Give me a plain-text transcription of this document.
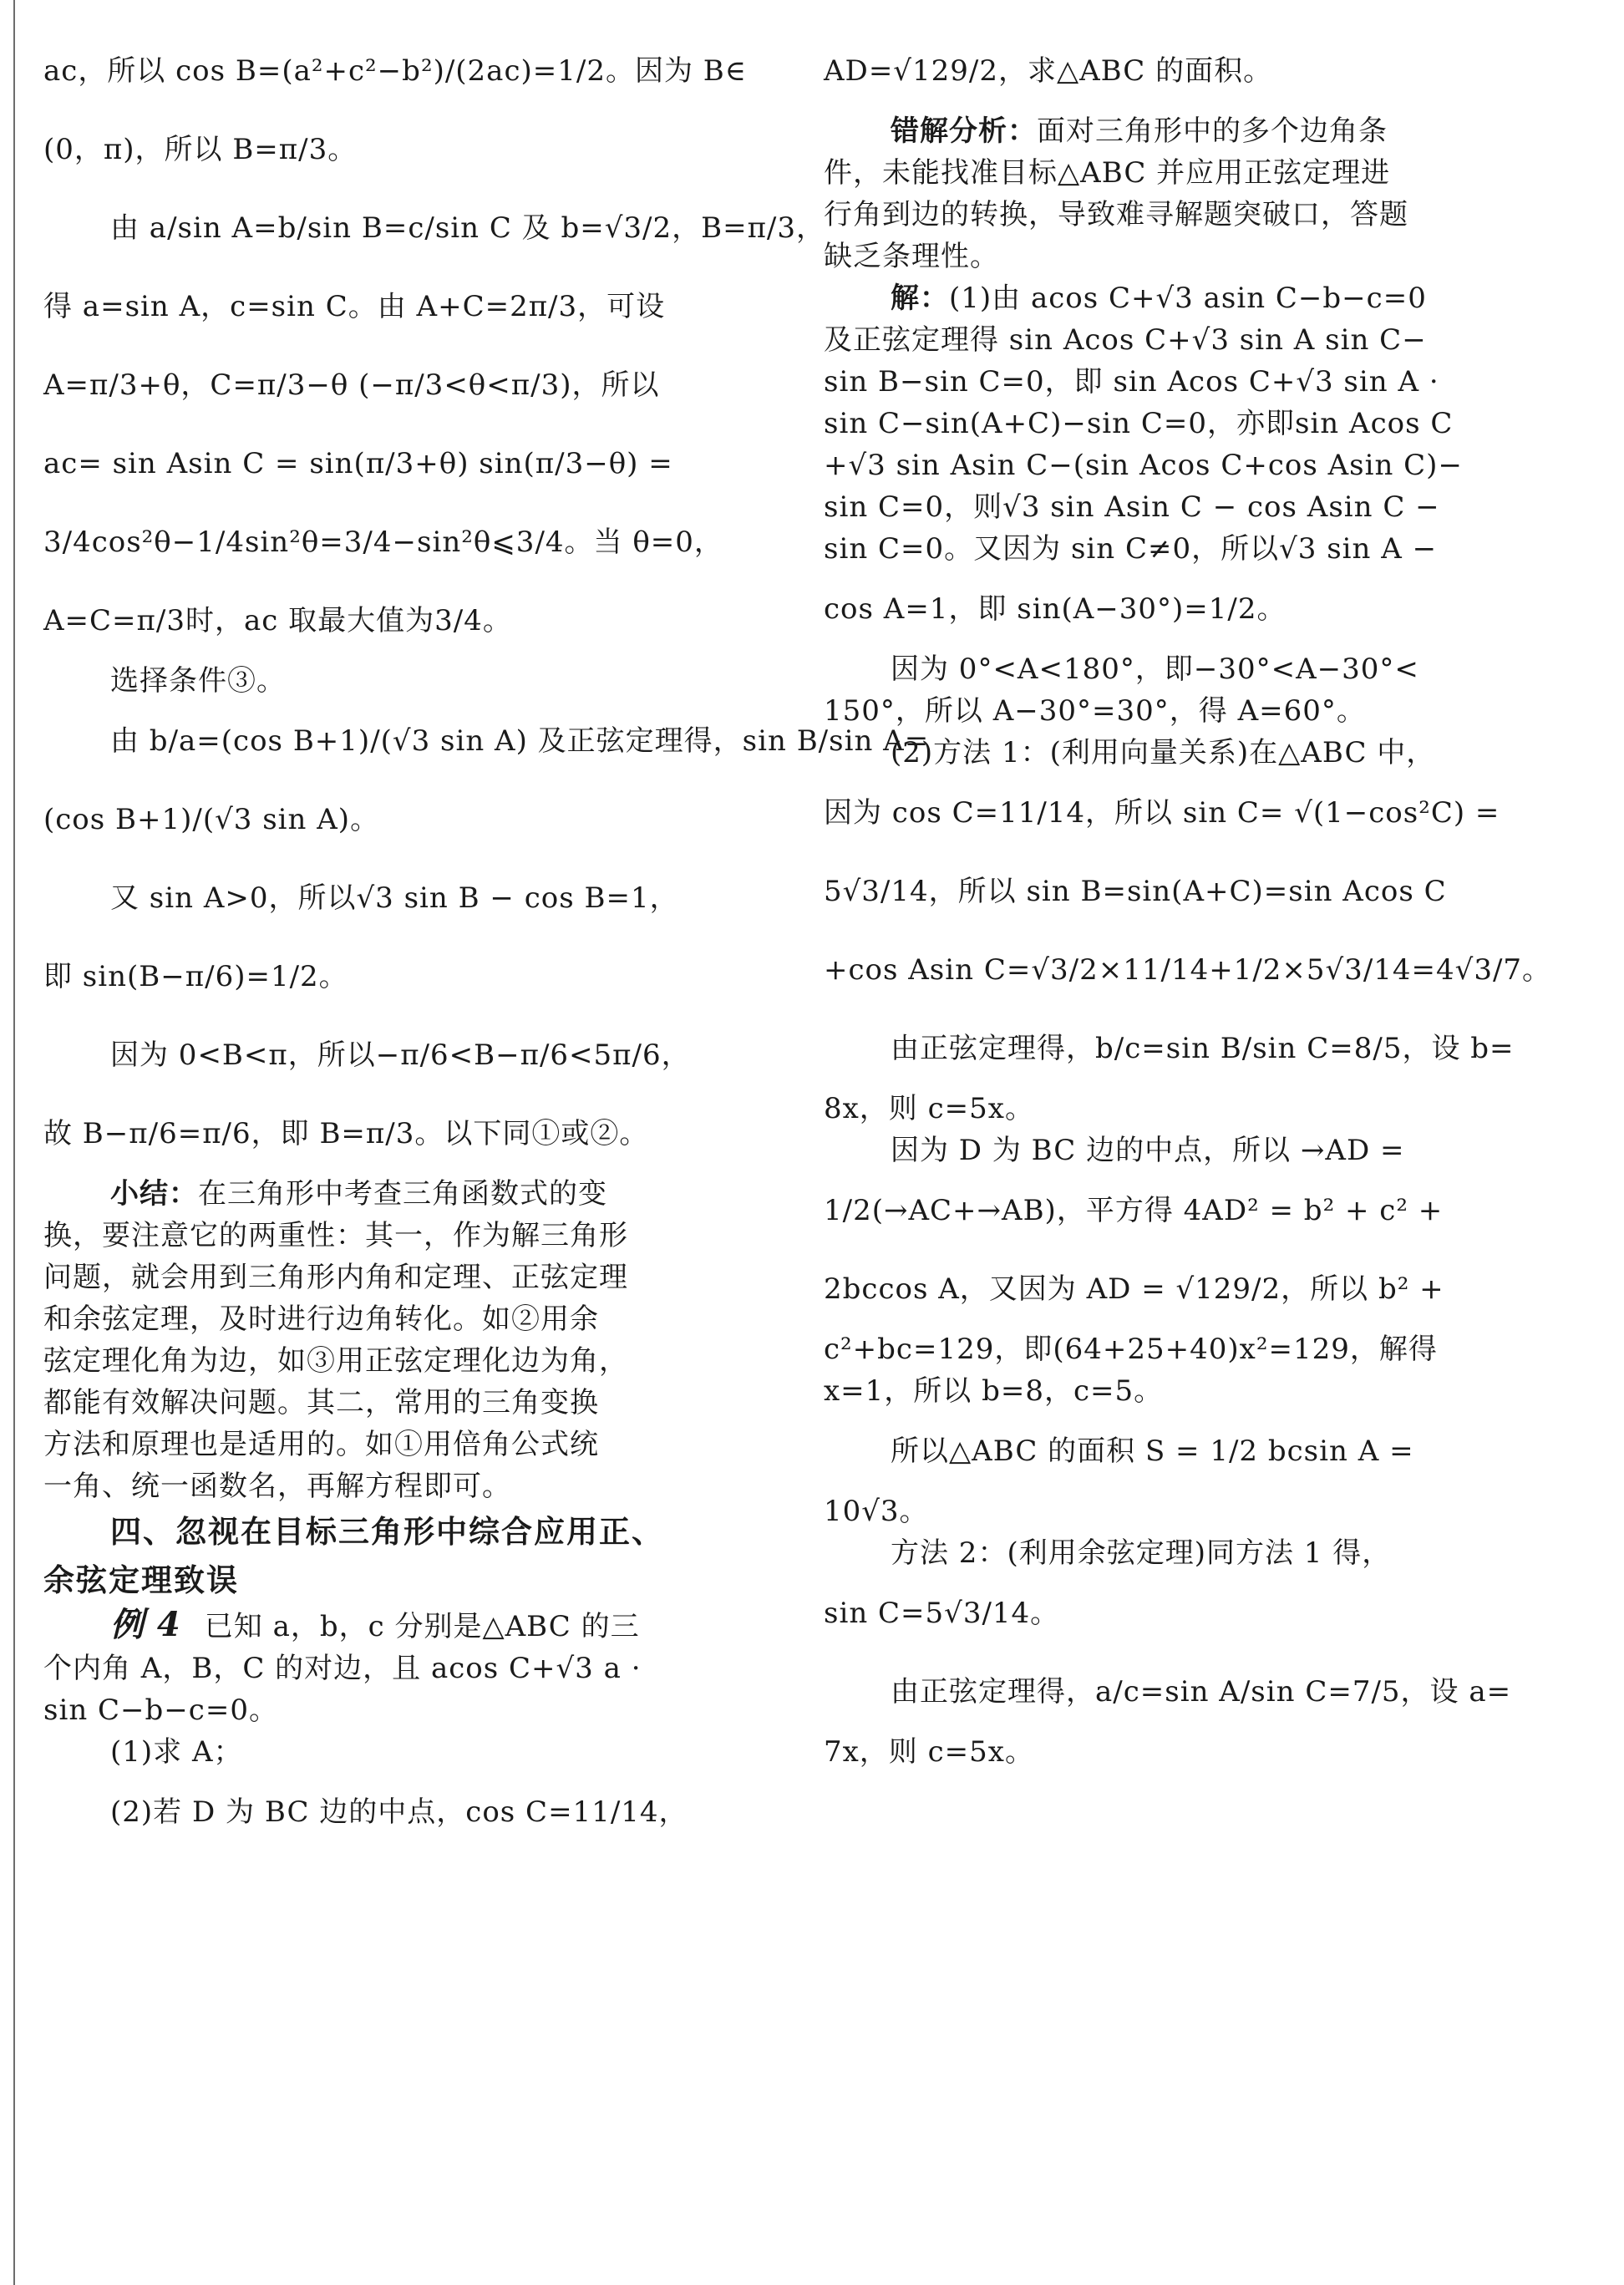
ac，所以 cos B=(a²+c²−b²)/(2ac)=1/2。因为 B∈

(0，π)，所以 B=π/3。

由 a/sin A=b/sin B=c/sin C 及 b=√3/2，B=π/3，

得 a=sin A，c=sin C。由 A+C=2π/3，可设

A=π/3+θ，C=π/3−θ (−π/3<θ<π/3)，所以

ac= sin Asin C = sin(π/3+θ) sin(π/3−θ) =

3/4cos²θ−1/4sin²θ=3/4−sin²θ⩽3/4。当 θ=0，

A=C=π/3时，ac 取最大值为3/4。

选择条件③。

由 b/a=(cos B+1)/(√3 sin A) 及正弦定理得，sin B/sin A=

(cos B+1)/(√3 sin A)。

又 sin A>0，所以√3 sin B − cos B=1，

即 sin(B−π/6)=1/2。

因为 0<B<π，所以−π/6<B−π/6<5π/6，

故 B−π/6=π/6，即 B=π/3。以下同①或②。

小结：在三角形中考查三角函数式的变

换，要注意它的两重性：其一，作为解三角形

问题，就会用到三角形内角和定理、正弦定理

和余弦定理，及时进行边角转化。如②用余

弦定理化角为边，如③用正弦定理化边为角，

都能有效解决问题。其二，常用的三角变换

方法和原理也是适用的。如①用倍角公式统

一角、统一函数名，再解方程即可。

四、忽视在目标三角形中综合应用正、

余弦定理致误

例 4 已知 a，b，c 分别是△ABC 的三

个内角 A，B，C 的对边，且 acos C+√3 a ·

sin C−b−c=0。

(1)求 A；

(2)若 D 为 BC 边的中点，cos C=11/14，

AD=√129/2，求△ABC 的面积。

错解分析：面对三角形中的多个边角条

件，未能找准目标△ABC 并应用正弦定理进

行角到边的转换，导致难寻解题突破口，答题

缺乏条理性。

解：(1)由 acos C+√3 asin C−b−c=0

及正弦定理得 sin Acos C+√3 sin A sin C−

sin B−sin C=0，即 sin Acos C+√3 sin A ·

sin C−sin(A+C)−sin C=0，亦即sin Acos C

+√3 sin Asin C−(sin Acos C+cos Asin C)−

sin C=0，则√3 sin Asin C − cos Asin C −

sin C=0。又因为 sin C≠0，所以√3 sin A −

cos A=1，即 sin(A−30°)=1/2。

因为 0°<A<180°，即−30°<A−30°<

150°，所以 A−30°=30°，得 A=60°。

(2)方法 1：(利用向量关系)在△ABC 中，

因为 cos C=11/14，所以 sin C= √(1−cos²C) =

5√3/14，所以 sin B=sin(A+C)=sin Acos C

+cos Asin C=√3/2×11/14+1/2×5√3/14=4√3/7。

由正弦定理得，b/c=sin B/sin C=8/5，设 b=

8x，则 c=5x。

因为 D 为 BC 边的中点，所以 →AD =

1/2(→AC+→AB)，平方得 4AD² = b² + c² +

2bccos A，又因为 AD = √129/2，所以 b² +

c²+bc=129，即(64+25+40)x²=129，解得

x=1，所以 b=8，c=5。

所以△ABC 的面积 S = 1/2 bcsin A =

10√3。

方法 2：(利用余弦定理)同方法 1 得，

sin C=5√3/14。

由正弦定理得，a/c=sin A/sin C=7/5，设 a=

7x，则 c=5x。
